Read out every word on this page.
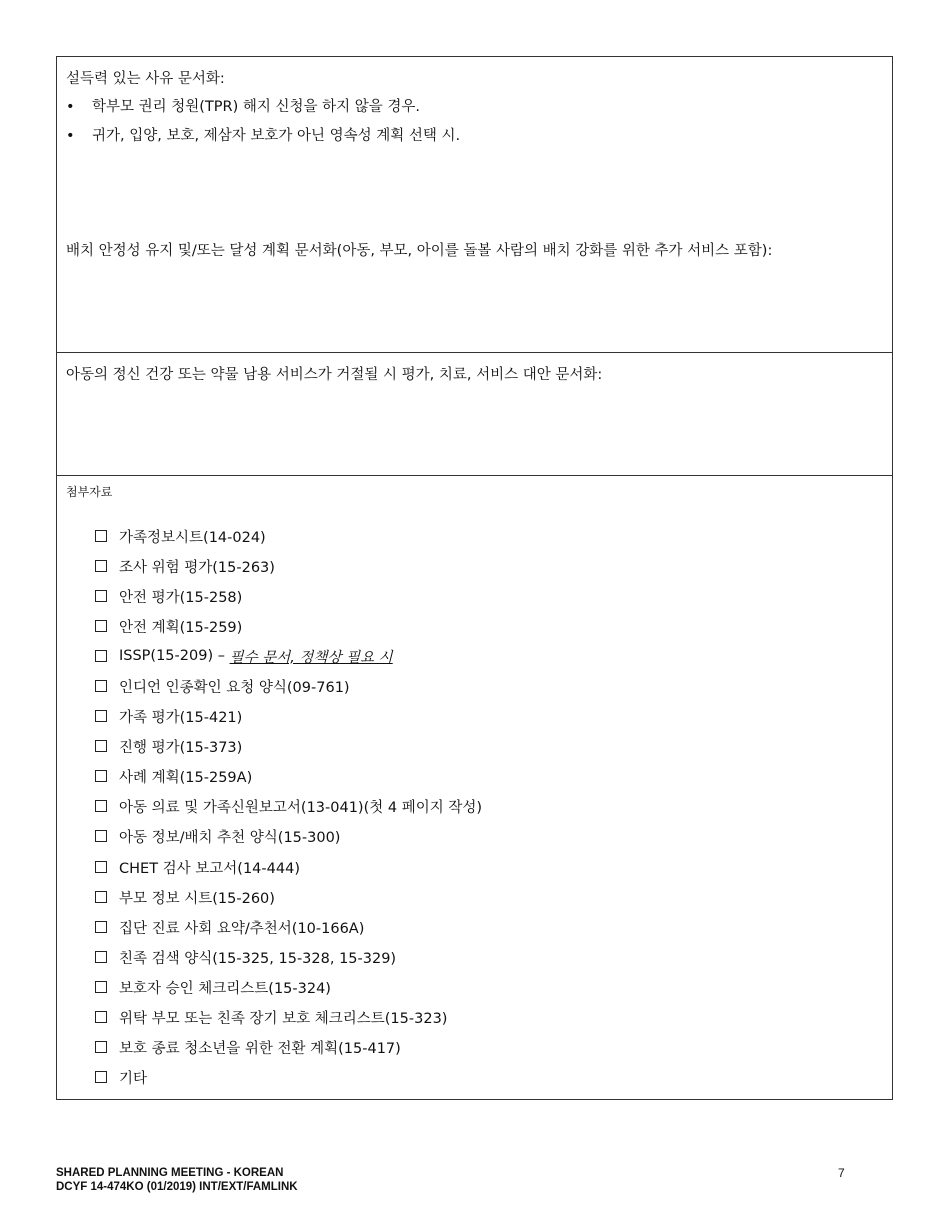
설득력 있는 사유 문서화:
• 학부모 권리 청원(TPR) 해지 신청을 하지 않을 경우.
• 귀가, 입양, 보호, 제삼자 보호가 아닌 영속성 계획 선택 시.
배치 안정성 유지 및/또는 달성 계획 문서화(아동, 부모, 아이를 돌볼 사람의 배치 강화를 위한 추가 서비스 포함):
아동의 정신 건강 또는 약물 남용 서비스가 거절될 시 평가, 치료, 서비스 대안 문서화:
첨부자료
가족정보시트(14-024)
조사 위험 평가(15-263)
안전 평가(15-258)
안전 계획(15-259)
ISSP(15-209) –
필수 문서, 정책상 필요 시
인디언 인종확인 요청 양식(09-761)
가족 평가(15-421)
진행 평가(15-373)
사례 계획(15-259A)
아동 의료 및 가족신원보고서(13-041)(첫 4 페이지 작성)
아동 정보/배치 추천 양식(15-300)
CHET 검사 보고서(14-444)
부모 정보 시트(15-260)
집단 진료 사회 요약/추천서(10-166A)
친족 검색 양식(15-325, 15-328, 15-329)
보호자 승인 체크리스트(15-324)
위탁 부모 또는 친족 장기 보호 체크리스트(15-323)
보호 종료 청소년을 위한 전환 계획(15-417)
기타
SHARED PLANNING MEETING - KOREAN
DCYF 14-474KO (01/2019) INT/EXT/FAMLINK
7
